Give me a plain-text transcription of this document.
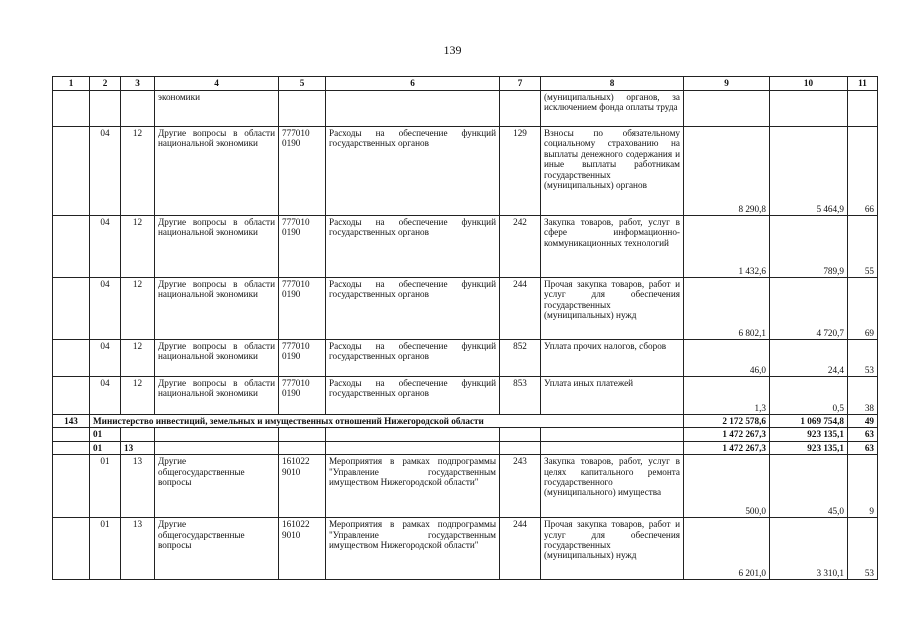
139
1	2	3	4	5	6	7	8	9	10	11
			экономики				(муниципальных) органов, за исключением фонда оплаты труда			
	04	12	Другие вопросы в области национальной экономики	777010 0190	Расходы на обеспечение функций государственных органов	129	Взносы по обязательному социальному страхованию на выплаты денежного содержания и иные выплаты работникам государственных (муниципальных) органов	8 290,8	5 464,9	66
	04	12	Другие вопросы в области национальной экономики	777010 0190	Расходы на обеспечение функций государственных органов	242	Закупка товаров, работ, услуг в сфере информационно-коммуникационных технологий	1 432,6	789,9	55
	04	12	Другие вопросы в области национальной экономики	777010 0190	Расходы на обеспечение функций государственных органов	244	Прочая закупка товаров, работ и услуг для обеспечения государственных (муниципальных) нужд	6 802,1	4 720,7	69
	04	12	Другие вопросы в области национальной экономики	777010 0190	Расходы на обеспечение функций государственных органов	852	Уплата прочих налогов, сборов	46,0	24,4	53
	04	12	Другие вопросы в области национальной экономики	777010 0190	Расходы на обеспечение функций государственных органов	853	Уплата иных платежей	1,3	0,5	38
143	Министерство инвестиций, земельных и имущественных отношений Нижегородской области							2 172 578,6	1 069 754,8	49
	01							1 472 267,3	923 135,1	63
	01	13						1 472 267,3	923 135,1	63
	01	13	Другие общегосударственные вопросы	161022 9010	Мероприятия в рамках подпрограммы "Управление государственным имуществом Нижегородской области"	243	Закупка товаров, работ, услуг в целях капитального ремонта государственного (муниципального) имущества	500,0	45,0	9
	01	13	Другие общегосударственные вопросы	161022 9010	Мероприятия в рамках подпрограммы "Управление государственным имуществом Нижегородской области"	244	Прочая закупка товаров, работ и услуг для обеспечения государственных (муниципальных) нужд	6 201,0	3 310,1	53
